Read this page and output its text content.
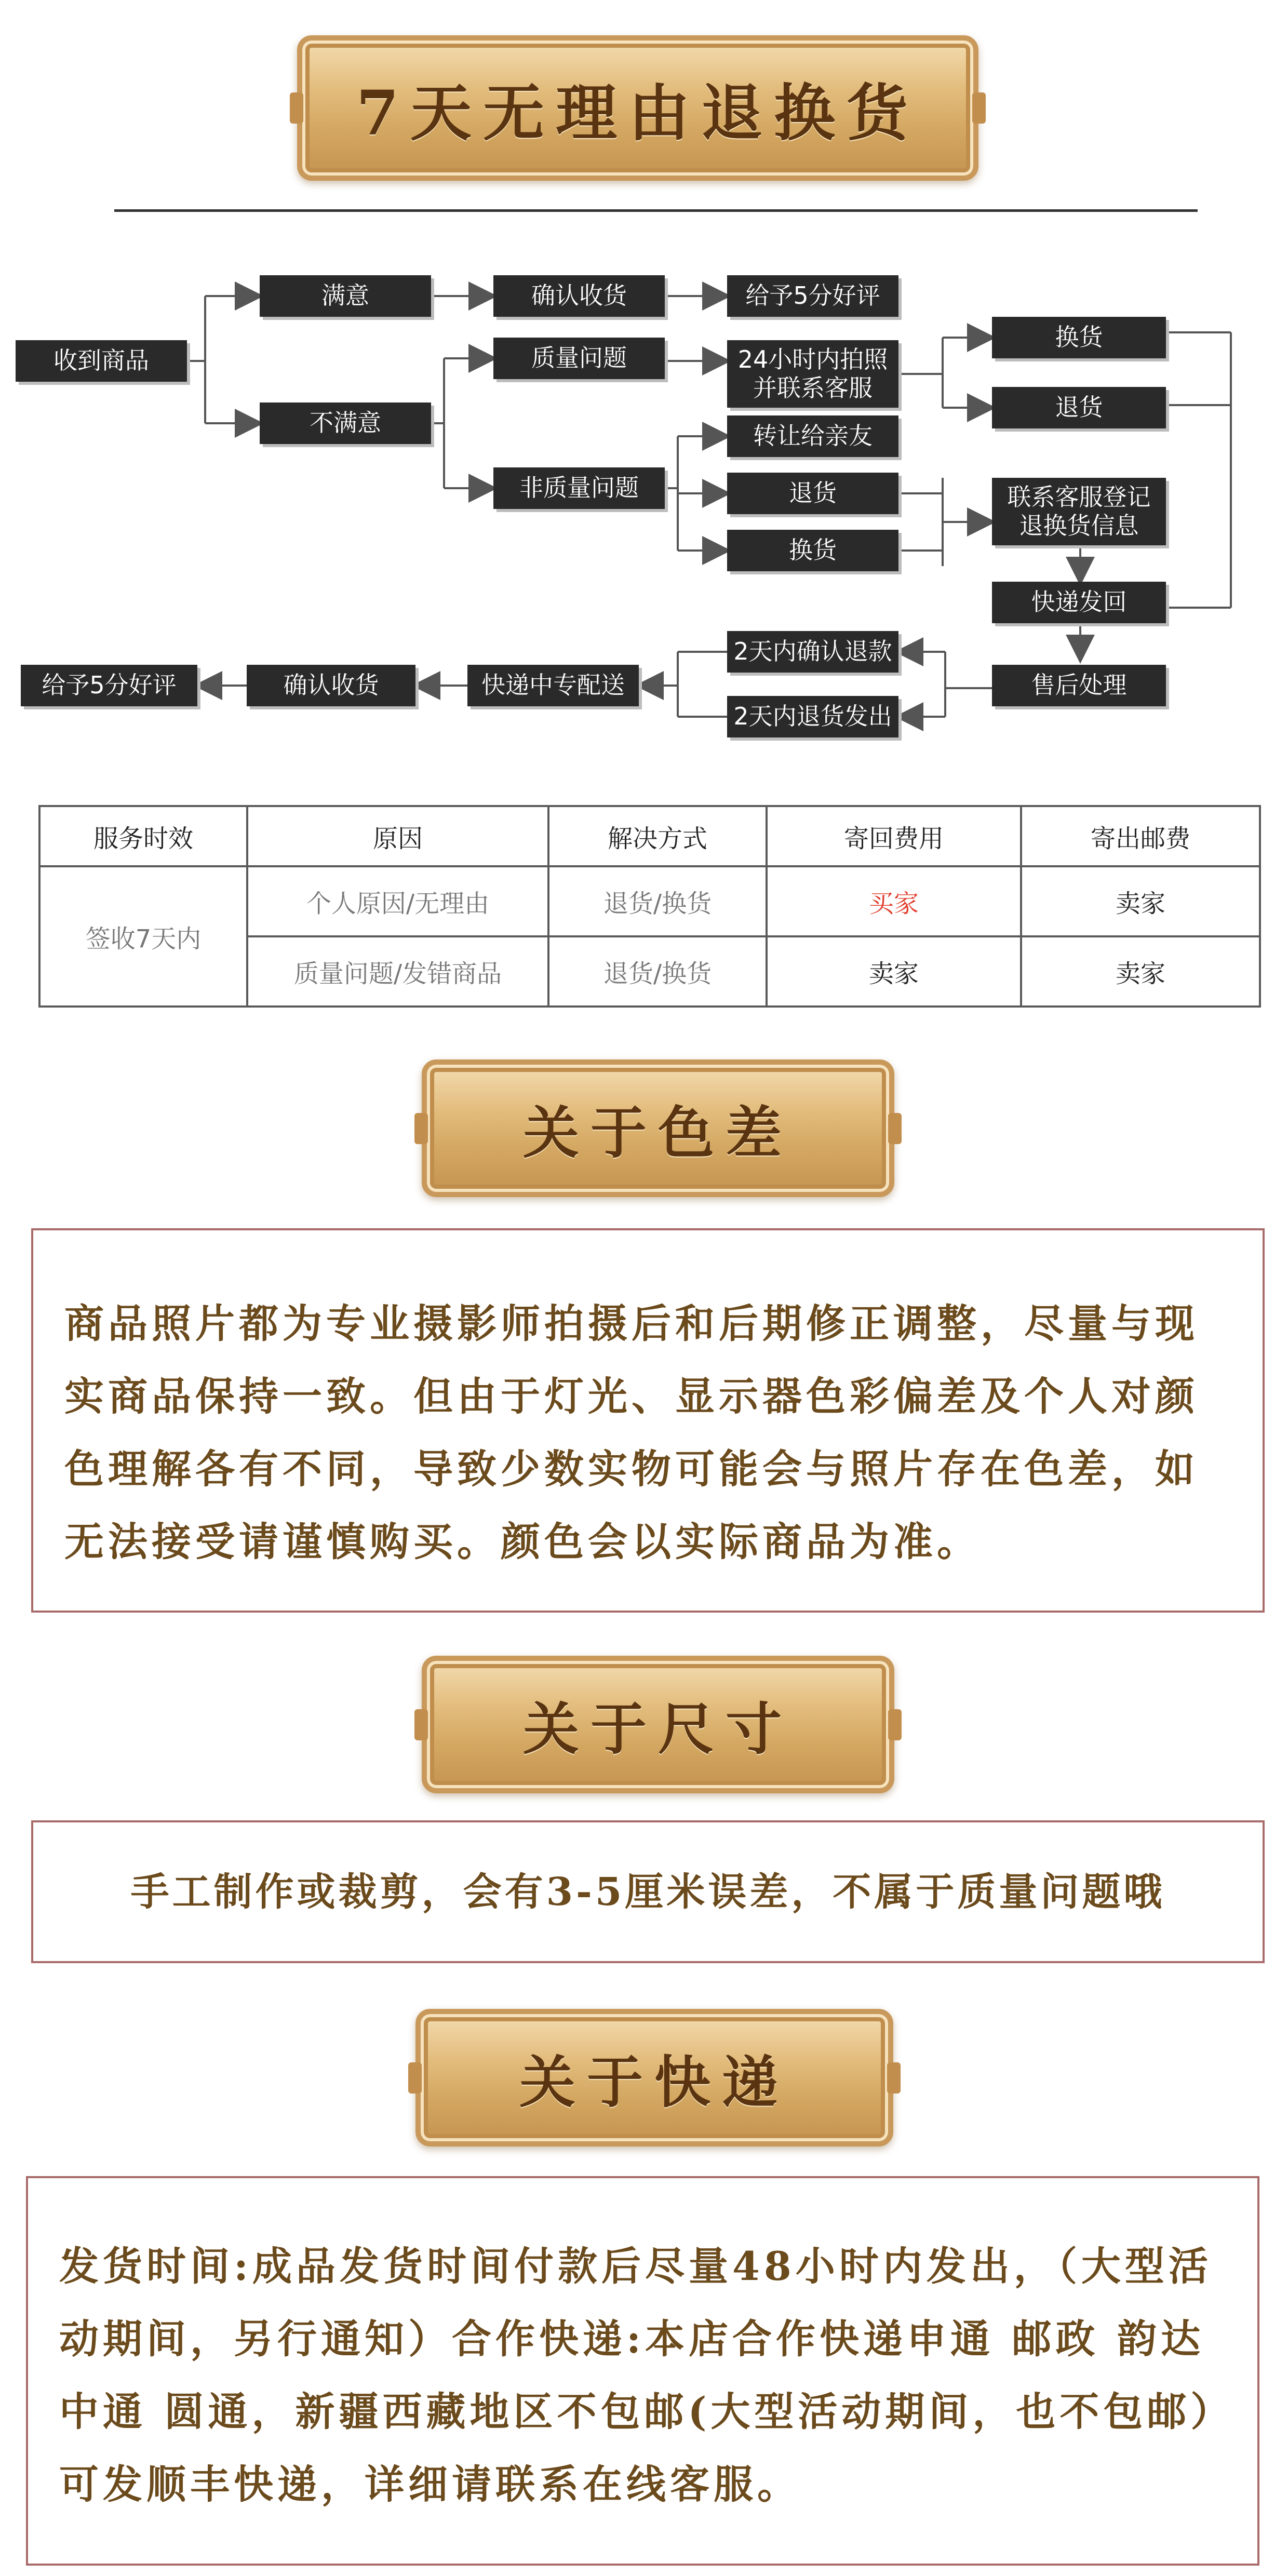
7天无理由退换货
收到商品
满意
不满意
确认收货	给予5分好评
质量问题
非质量问题
24小时内拍照并联系客服
转让给亲友
退货
换货
换货
退货
联系客服登记退换货信息
快递发回
售后处理
2天内确认退款
2天内退货发出
快递中专配送
确认收货
给予5分好评
服务时效	原因	解决方式	寄回费用	寄出邮费
签收7天内	个人原因/无理由	退货/换货	买家	卖家
	质量问题/发错商品	退货/换货	卖家	卖家
关于色差

商品照片都为专业摄影师拍摄后和后期修正调整，尽量与现实商品保持一致。但由于灯光、显示器色彩偏差及个人对颜色理解各有不同，导致少数实物可能会与照片存在色差，如无法接受请谨慎购买。颜色会以实际商品为准。

关于尺寸

手工制作或裁剪，会有3-5厘米误差，不属于质量问题哦

关于快递

发货时间:成品发货时间付款后尽量48小时内发出，（大型活动期间，另行通知）合作快递:本店合作快递申通 邮政 韵达 中通 圆通，新疆西藏地区不包邮(大型活动期间，也不包邮）可发顺丰快递，详细请联系在线客服。
